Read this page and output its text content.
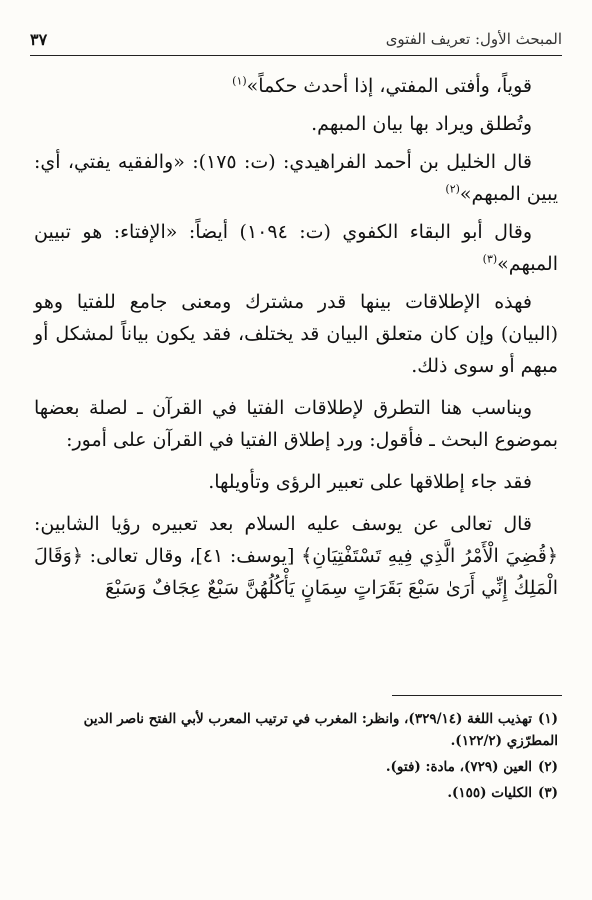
المبحث الأول: تعريف الفتوى
٣٧

قوياً، وأفتى المفتي، إذا أحدث حكماً»$^{(١)}$

وتُطلق ويراد بها بيان المبهم.

قال الخليل بن أحمد الفراهيدي: (ت: ١٧٥): «والفقيه يفتي، أي: يبين المبهم»$^{(٢)}$

وقال أبو البقاء الكفوي (ت: ١٠٩٤) أيضاً: «الإفتاء: هو تبيين المبهم»$^{(٣)}$

فهذه الإطلاقات بينها قدر مشترك ومعنى جامع للفتيا وهو (البيان) وإن كان متعلق البيان قد يختلف، فقد يكون بياناً لمشكل أو مبهم أو سوى ذلك.

ويناسب هنا التطرق لإطلاقات الفتيا في القرآن ـ لصلة بعضها بموضوع البحث ـ فأقول: ورد إطلاق الفتيا في القرآن على أمور:

فقد جاء إطلاقها على تعبير الرؤى وتأويلها.

قال تعالى عن يوسف عليه السلام بعد تعبيره رؤيا الشابين: ﴿قُضِيَ الْأَمْرُ الَّذِي فِيهِ تَسْتَفْتِيَانِ﴾ [يوسف: ٤١]، وقال تعالى: ﴿وَقَالَ الْمَلِكُ إِنِّي أَرَىٰ سَبْعَ بَقَرَاتٍ سِمَانٍ يَأْكُلُهُنَّ سَبْعٌ عِجَافٌ وَسَبْعَ

(١)تهذيب اللغة (٣٢٩/١٤)، وانظر: المغرب في ترتيب المعرب لأبي الفتح ناصر الدين المطرّزي (١٢٢/٢).

(٢)العين (٧٢٩)، مادة: (فتو).

(٣)الكليات (١٥٥).
